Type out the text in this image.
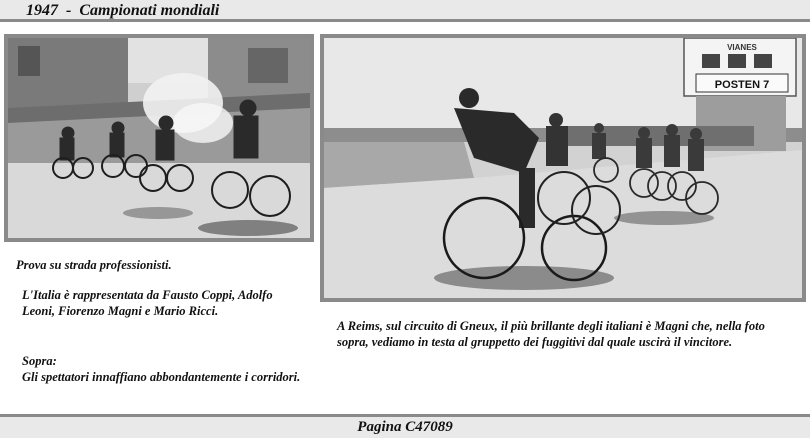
1947  -  Campionati mondiali
POSTEN 7
VIANES
Prova su strada professionisti.
L'Italia è rappresentata da Fausto Coppi, Adolfo Leoni, Fiorenzo Magni e Mario Ricci.
Sopra:
Gli spettatori innaffiano abbondantemente i corridori.
A Reims, sul circuito di Gneux, il più brillante degli italiani è Magni che, nella foto sopra, vediamo in testa al gruppetto dei fuggitivi dal quale uscirà il vincitore.
Pagina C47089
